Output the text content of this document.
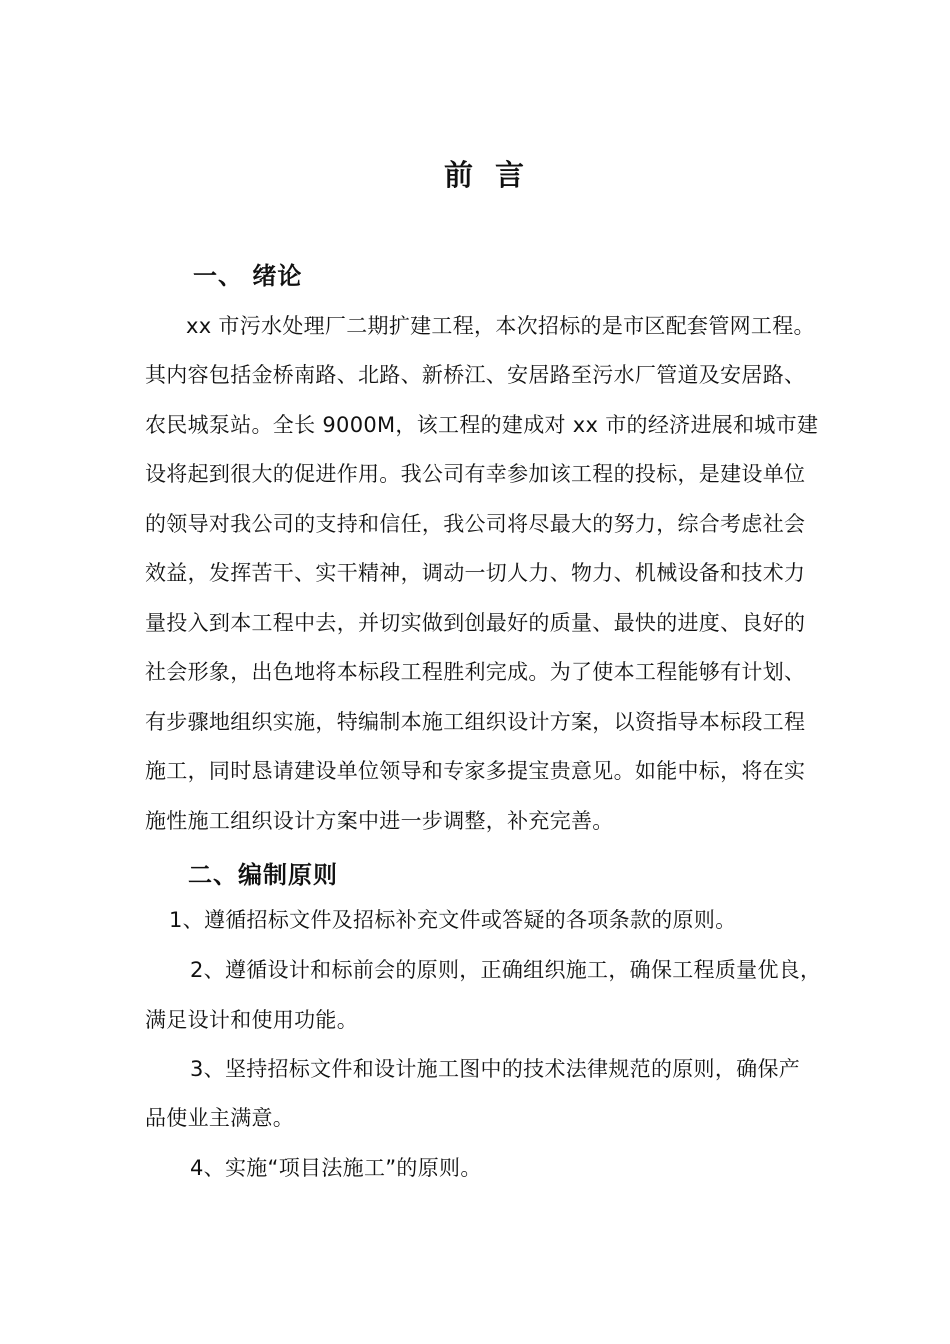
前言
一、 绪论
xx 市污水处理厂二期扩建工程，本次招标的是市区配套管网工程。
其内容包括金桥南路、北路、新桥江、安居路至污水厂管道及安居路、
农民城泵站。全长 9000M，该工程的建成对 xx 市的经济进展和城市建
设将起到很大的促进作用。我公司有幸参加该工程的投标，是建设单位
的领导对我公司的支持和信任，我公司将尽最大的努力，综合考虑社会
效益，发挥苦干、实干精神，调动一切人力、物力、机械设备和技术力
量投入到本工程中去，并切实做到创最好的质量、最快的进度、良好的
社会形象，出色地将本标段工程胜利完成。为了使本工程能够有计划、
有步骤地组织实施，特编制本施工组织设计方案，以资指导本标段工程
施工，同时恳请建设单位领导和专家多提宝贵意见。如能中标，将在实
施性施工组织设计方案中进一步调整，补充完善。
二、编制原则
1、遵循招标文件及招标补充文件或答疑的各项条款的原则。
2、遵循设计和标前会的原则，正确组织施工，确保工程质量优良，
满足设计和使用功能。
3、坚持招标文件和设计施工图中的技术法律规范的原则，确保产
品使业主满意。
4、实施“项目法施工”的原则。
